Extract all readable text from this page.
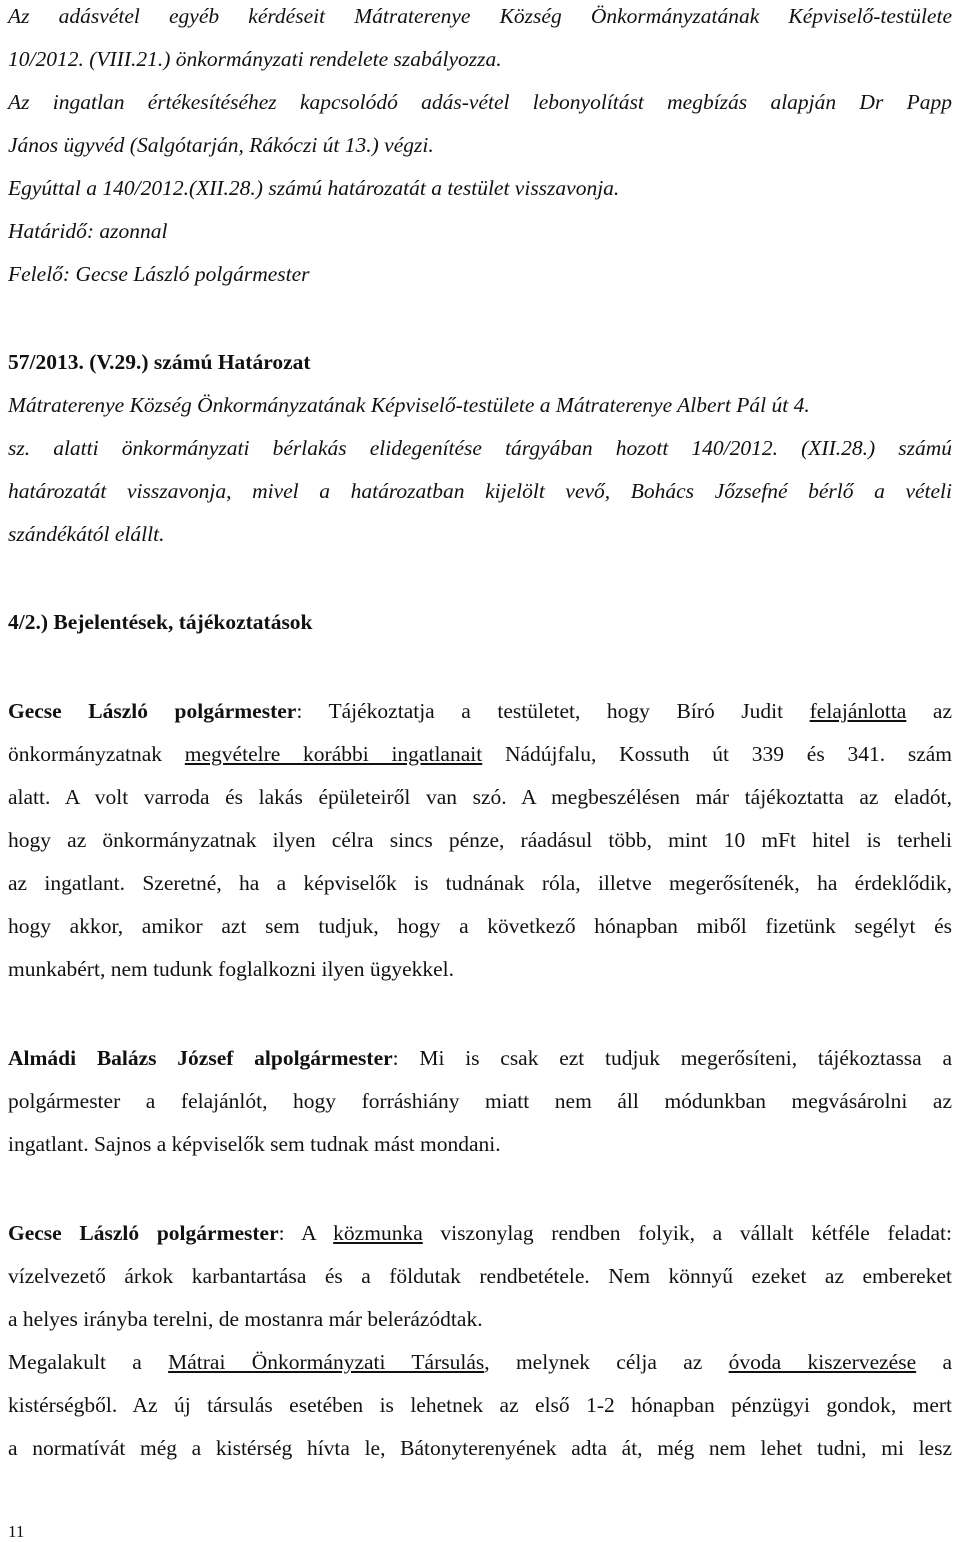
Az adásvétel egyéb kérdéseit Mátraterenye Község Önkormányzatának Képviselő-testülete
10/2012. (VIII.21.) önkormányzati rendelete szabályozza.
Az ingatlan értékesítéséhez kapcsolódó adás-vétel lebonyolítást megbízás alapján Dr Papp
János ügyvéd (Salgótarján, Rákóczi út 13.) végzi.
Egyúttal a 140/2012.(XII.28.) számú határozatát a testület visszavonja.
Határidő: azonnal
Felelő: Gecse László polgármester
57/2013. (V.29.) számú Határozat
Mátraterenye Község Önkormányzatának Képviselő-testülete a Mátraterenye Albert Pál út 4.
sz. alatti önkormányzati bérlakás elidegenítése tárgyában hozott 140/2012. (XII.28.) számú
határozatát visszavonja, mivel a határozatban kijelölt vevő, Bohács Jőzsefné bérlő a vételi
szándékától elállt.
4/2.) Bejelentések, tájékoztatások
Gecse László polgármester: Tájékoztatja a testületet, hogy Bíró Judit felajánlotta az
önkormányzatnak megvételre korábbi ingatlanait Nádújfalu, Kossuth út 339 és 341. szám
alatt. A volt varroda és lakás épületeiről van szó. A megbeszélésen már tájékoztatta az eladót,
hogy az önkormányzatnak ilyen célra sincs pénze, ráadásul több, mint 10 mFt hitel is terheli
az ingatlant. Szeretné, ha a képviselők is tudnának róla, illetve megerősítenék, ha érdeklődik,
hogy akkor, amikor azt sem tudjuk, hogy a következő hónapban miből fizetünk segélyt és
munkabért, nem tudunk foglalkozni ilyen ügyekkel.
Almádi Balázs József alpolgármester: Mi is csak ezt tudjuk megerősíteni, tájékoztassa a
polgármester a felajánlót, hogy forráshiány miatt nem áll módunkban megvásárolni az
ingatlant. Sajnos a képviselők sem tudnak mást mondani.
Gecse László polgármester: A közmunka viszonylag rendben folyik, a vállalt kétféle feladat:
vízelvezető árkok karbantartása és a földutak rendbetétele. Nem könnyű ezeket az embereket
a helyes irányba terelni, de mostanra már belerázódtak.
Megalakult a Mátrai Önkormányzati Társulás, melynek célja az óvoda kiszervezése a
kistérségből. Az új társulás esetében is lehetnek az első 1-2 hónapban pénzügyi gondok, mert
a normatívát még a kistérség hívta le, Bátonyterenyének adta át, még nem lehet tudni, mi lesz
11
